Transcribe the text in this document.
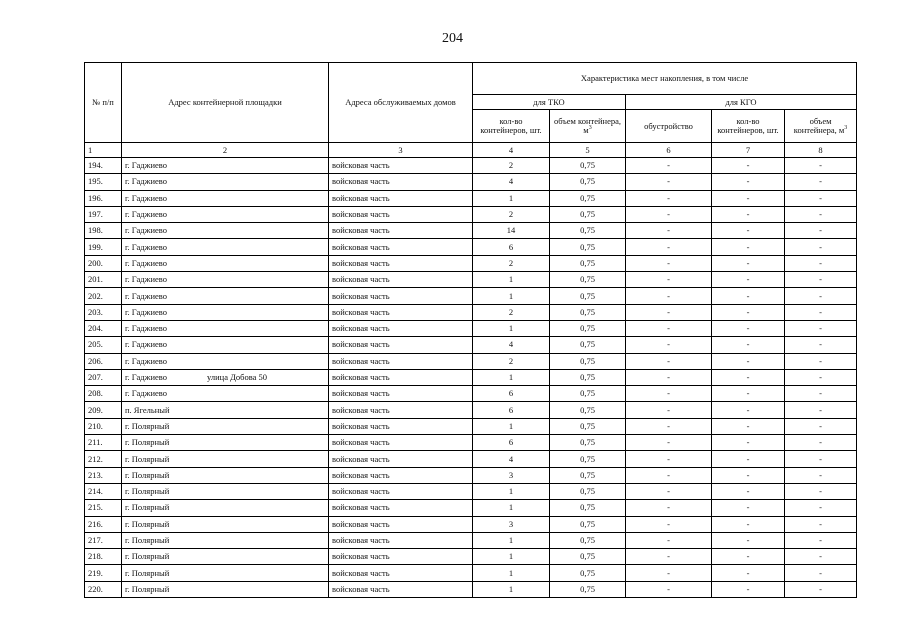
204
№ п/п	Адрес контейнерной площадки	Адреса обслуживаемых домов	Характеристика мест накопления, в том числе				
			для ТКО		для КГО		
			кол-во контейнеров, шт.	объем контейнера, $м^3$	обустройство	кол-во контейнеров, шт.	объем контейнера, $м^3$
1	2	3	4	5	6	7	8
194.	г. Гаджиево	войсковая часть	2	0,75	-	-	-
195.	г. Гаджиево	войсковая часть	4	0,75	-	-	-
196.	г. Гаджиево	войсковая часть	1	0,75	-	-	-
197.	г. Гаджиево	войсковая часть	2	0,75	-	-	-
198.	г. Гаджиево	войсковая часть	14	0,75	-	-	-
199.	г. Гаджиево	войсковая часть	6	0,75	-	-	-
200.	г. Гаджиево	войсковая часть	2	0,75	-	-	-
201.	г. Гаджиево	войсковая часть	1	0,75	-	-	-
202.	г. Гаджиево	войсковая часть	1	0,75	-	-	-
203.	г. Гаджиево	войсковая часть	2	0,75	-	-	-
204.	г. Гаджиево	войсковая часть	1	0,75	-	-	-
205.	г. Гаджиево	войсковая часть	4	0,75	-	-	-
206.	г. Гаджиево	войсковая часть	2	0,75	-	-	-
207.	г. Гаджиево улица Добова 50	войсковая часть	1	0,75	-	-	-
208.	г. Гаджиево	войсковая часть	6	0,75	-	-	-
209.	п. Ягельный	войсковая часть	6	0,75	-	-	-
210.	г. Полярный	войсковая часть	1	0,75	-	-	-
211.	г. Полярный	войсковая часть	6	0,75	-	-	-
212.	г. Полярный	войсковая часть	4	0,75	-	-	-
213.	г. Полярный	войсковая часть	3	0,75	-	-	-
214.	г. Полярный	войсковая часть	1	0,75	-	-	-
215.	г. Полярный	войсковая часть	1	0,75	-	-	-
216.	г. Полярный	войсковая часть	3	0,75	-	-	-
217.	г. Полярный	войсковая часть	1	0,75	-	-	-
218.	г. Полярный	войсковая часть	1	0,75	-	-	-
219.	г. Полярный	войсковая часть	1	0,75	-	-	-
220.	г. Полярный	войсковая часть	1	0,75	-	-	-
